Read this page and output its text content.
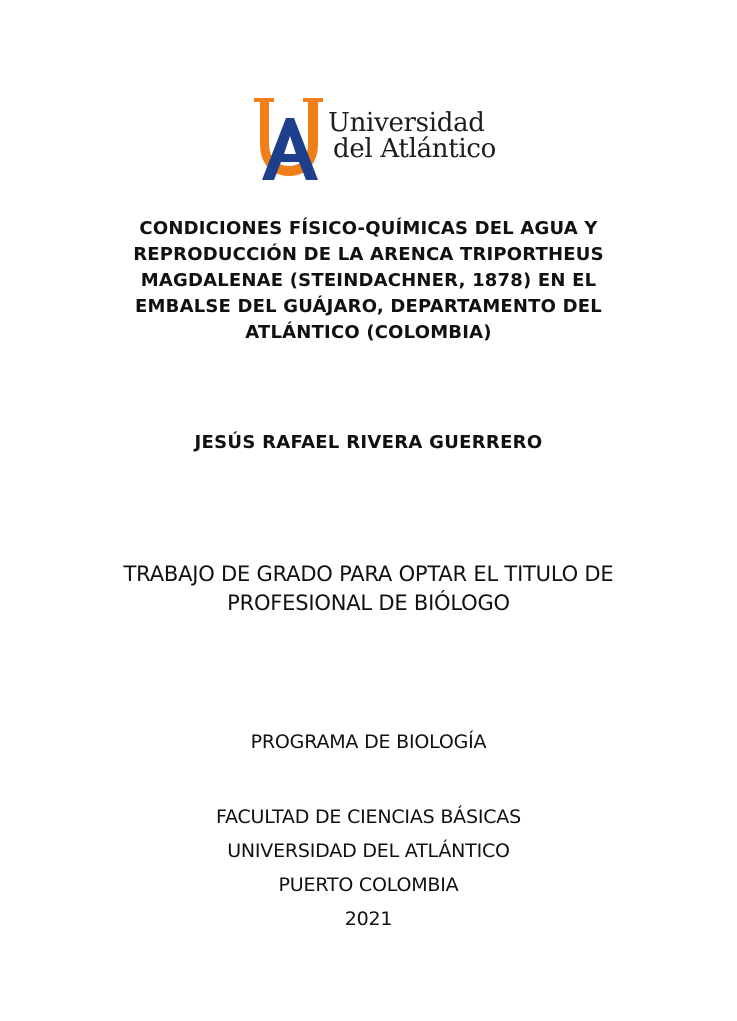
Universidad
del Atlántico
CONDICIONES FÍSICO-QUÍMICAS DEL AGUA Y
REPRODUCCIÓN DE LA ARENCA TRIPORTHEUS
MAGDALENAE (STEINDACHNER, 1878) EN EL
EMBALSE DEL GUÁJARO, DEPARTAMENTO DEL
ATLÁNTICO (COLOMBIA)
JESÚS RAFAEL RIVERA GUERRERO
TRABAJO DE GRADO PARA OPTAR EL TITULO DE
PROFESIONAL DE BIÓLOGO
PROGRAMA DE BIOLOGÍA
FACULTAD DE CIENCIAS BÁSICAS
UNIVERSIDAD DEL ATLÁNTICO
PUERTO COLOMBIA
2021
